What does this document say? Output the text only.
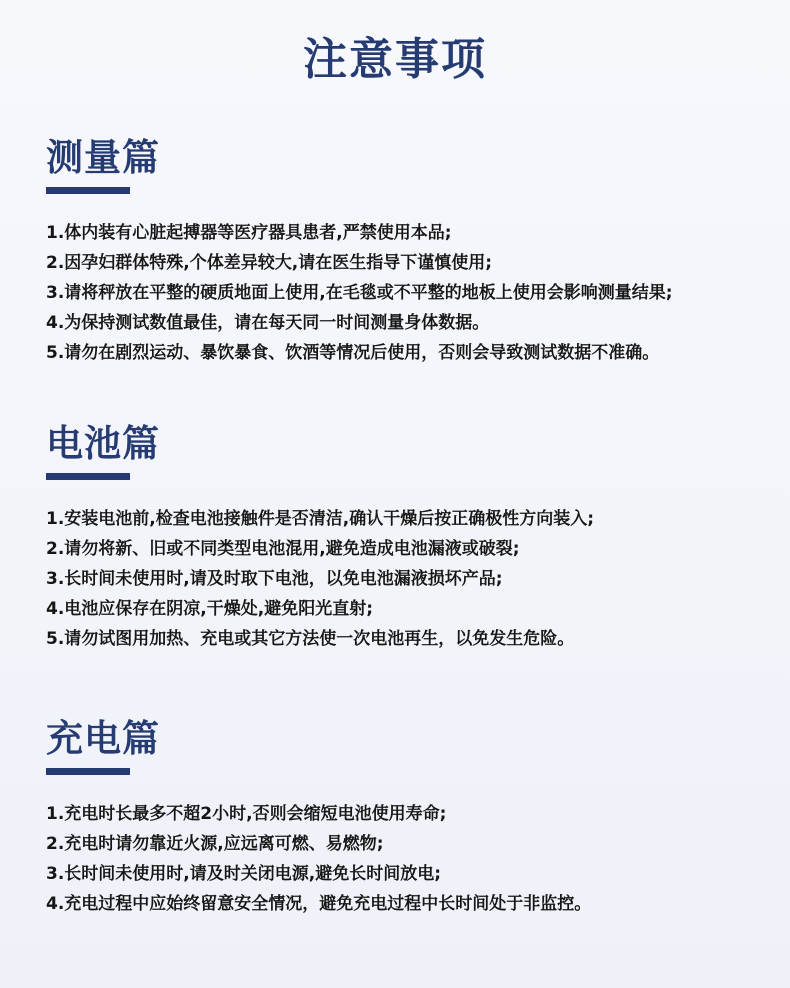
注意事项
测量篇
1.体内装有心脏起搏器等医疗器具患者,严禁使用本品;
2.因孕妇群体特殊,个体差异较大,请在医生指导下谨慎使用;
3.请将秤放在平整的硬质地面上使用,在毛毯或不平整的地板上使用会影响测量结果;
4.为保持测试数值最佳，请在每天同一时间测量身体数据。
5.请勿在剧烈运动、暴饮暴食、饮酒等情况后使用，否则会导致测试数据不准确。
电池篇
1.安装电池前,检查电池接触件是否清洁,确认干燥后按正确极性方向装入;
2.请勿将新、旧或不同类型电池混用,避免造成电池漏液或破裂;
3.长时间未使用时,请及时取下电池，以免电池漏液损坏产品;
4.电池应保存在阴凉,干燥处,避免阳光直射;
5.请勿试图用加热、充电或其它方法使一次电池再生，以免发生危险。
充电篇
1.充电时长最多不超2小时,否则会缩短电池使用寿命;
2.充电时请勿靠近火源,应远离可燃、易燃物;
3.长时间未使用时,请及时关闭电源,避免长时间放电;
4.充电过程中应始终留意安全情况，避免充电过程中长时间处于非监控。
